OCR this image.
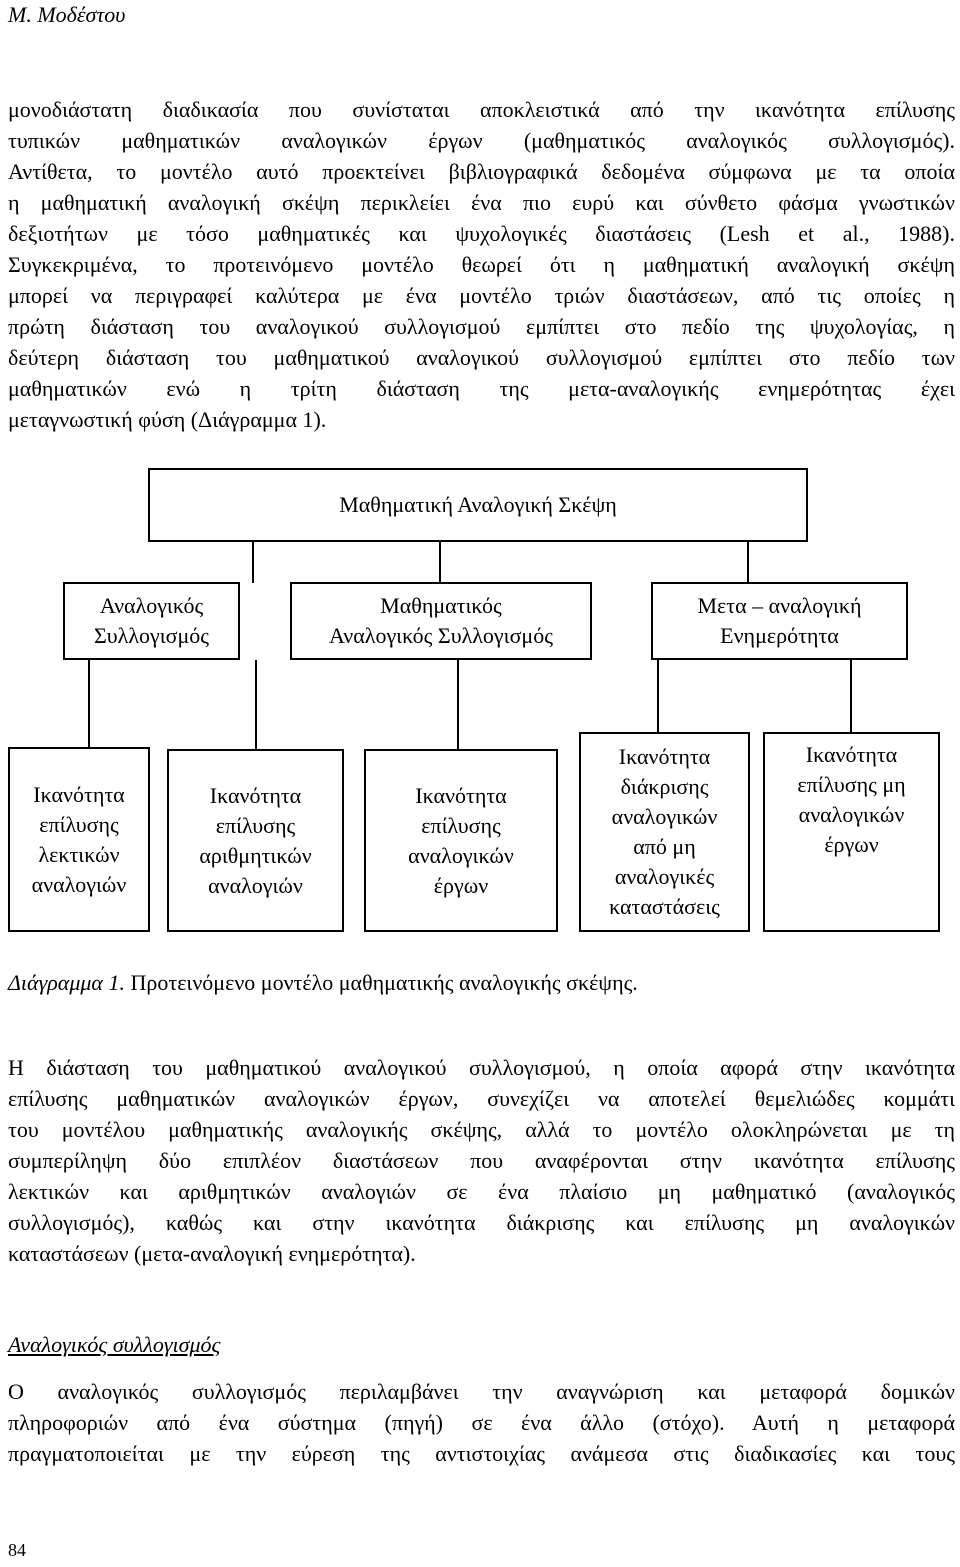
Μ. Μοδέστου

μονοδιάστατη διαδικασία που συνίσταται αποκλειστικά από την ικανότητα επίλυσης
τυπικών μαθηματικών αναλογικών έργων (μαθηματικός αναλογικός συλλογισμός).
Αντίθετα, το μοντέλο αυτό προεκτείνει βιβλιογραφικά δεδομένα σύμφωνα με τα οποία
η μαθηματική αναλογική σκέψη περικλείει ένα πιο ευρύ και σύνθετο φάσμα γνωστικών
δεξιοτήτων με τόσο μαθηματικές και ψυχολογικές διαστάσεις (Lesh et al., 1988).
Συγκεκριμένα, το προτεινόμενο μοντέλο θεωρεί ότι η μαθηματική αναλογική σκέψη
μπορεί να περιγραφεί καλύτερα με ένα μοντέλο τριών διαστάσεων, από τις οποίες η
πρώτη διάσταση του αναλογικού συλλογισμού εμπίπτει στο πεδίο της ψυχολογίας, η
δεύτερη διάσταση του μαθηματικού αναλογικού συλλογισμού εμπίπτει στο πεδίο των
μαθηματικών ενώ η τρίτη διάσταση της μετα-αναλογικής ενημερότητας έχει
μεταγνωστική φύση (Διάγραμμα 1).

Μαθηματική Αναλογική Σκέψη
Αναλογικός
Συλλογισμός
Μαθηματικός
Αναλογικός Συλλογισμός
Μετα – αναλογική
Ενημερότητα
Ικανότητα
επίλυσης
λεκτικών
αναλογιών
Ικανότητα
επίλυσης
αριθμητικών
αναλογιών
Ικανότητα
επίλυσης
αναλογικών
έργων
Ικανότητα
διάκρισης
αναλογικών
από μη
αναλογικές
καταστάσεις
Ικανότητα
επίλυσης μη
αναλογικών
έργων
Διάγραμμα 1. Προτεινόμενο μοντέλο μαθηματικής αναλογικής σκέψης.

Η διάσταση του μαθηματικού αναλογικού συλλογισμού, η οποία αφορά στην ικανότητα
επίλυσης μαθηματικών αναλογικών έργων, συνεχίζει να αποτελεί θεμελιώδες κομμάτι
του μοντέλου μαθηματικής αναλογικής σκέψης, αλλά το μοντέλο ολοκληρώνεται με τη
συμπερίληψη δύο επιπλέον διαστάσεων που αναφέρονται στην ικανότητα επίλυσης
λεκτικών και αριθμητικών αναλογιών σε ένα πλαίσιο μη μαθηματικό (αναλογικός
συλλογισμός), καθώς και στην ικανότητα διάκρισης και επίλυσης μη αναλογικών
καταστάσεων (μετα-αναλογική ενημερότητα).

Αναλογικός συλλογισμός

Ο αναλογικός συλλογισμός περιλαμβάνει την αναγνώριση και μεταφορά δομικών
πληροφοριών από ένα σύστημα (πηγή) σε ένα άλλο (στόχο). Αυτή η μεταφορά
πραγματοποιείται με την εύρεση της αντιστοιχίας ανάμεσα στις διαδικασίες και τους

84
